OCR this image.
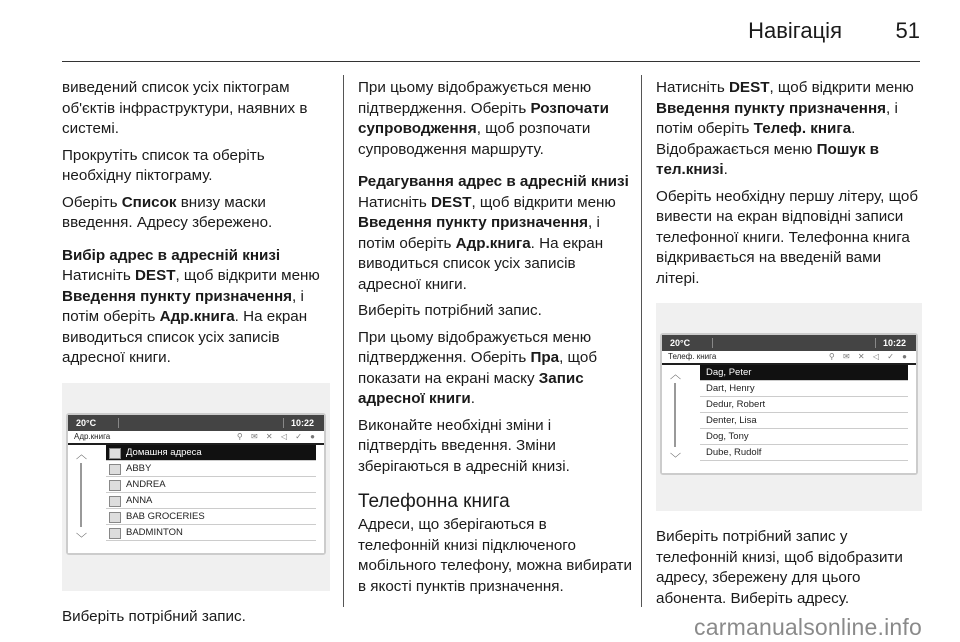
Навігація 51

виведений список усіх піктограм об'єктів інфраструктури, наявних в системі.

Прокрутіть список та оберіть необхідну піктограму.

Оберіть Список внизу маски введення. Адресу збережено.

Вибір адрес в адресній книзі

Натисніть DEST, щоб відкрити меню Введення пункту призначення, і потім оберіть Адр.книга. На екран виводиться список усіх записів адресної книги.

20°C	10:22
Адр.книга	⚲ ✉ ✕ ◁ ✓ ●
︿
﹀
Домашня адреса
ABBY
ANDREA
ANNA
BAB GROCERIES
BADMINTON

Виберіть потрібний запис.

При цьому відображується меню підтвердження. Оберіть Розпочати супроводження, щоб розпочати супроводження маршруту.

Редагування адрес в адресній книзі

Натисніть DEST, щоб відкрити меню Введення пункту призначення, і потім оберіть Адр.книга. На екран виводиться список усіх записів адресної книги.

Виберіть потрібний запис.

При цьому відображується меню підтвердження. Оберіть Пра, щоб показати на екрані маску Запис адресної книги.

Виконайте необхідні зміни і підтвердіть введення. Зміни зберігаються в адресній книзі.

Телефонна книга

Адреси, що зберігаються в телефонній книзі підключеного мобільного телефону, можна вибирати в якості пунктів призначення.

Натисніть DEST, щоб відкрити меню Введення пункту призначення, і потім оберіть Телеф. книга. Відображається меню Пошук в тел.книзі.

Оберіть необхідну першу літеру, щоб вивести на екран відповідні записи телефонної книги. Телефонна книга відкривається на введеній вами літері.

20°C	10:22
Телеф. книга	⚲ ✉ ✕ ◁ ✓ ●
︿
﹀
Dag, Peter
Dart, Henry
Dedur, Robert
Denter, Lisa
Dog, Tony
Dube, Rudolf

Виберіть потрібний запис у телефонній книзі, щоб відобразити адресу, збережену для цього абонента. Виберіть адресу.

carmanualsonline.info
